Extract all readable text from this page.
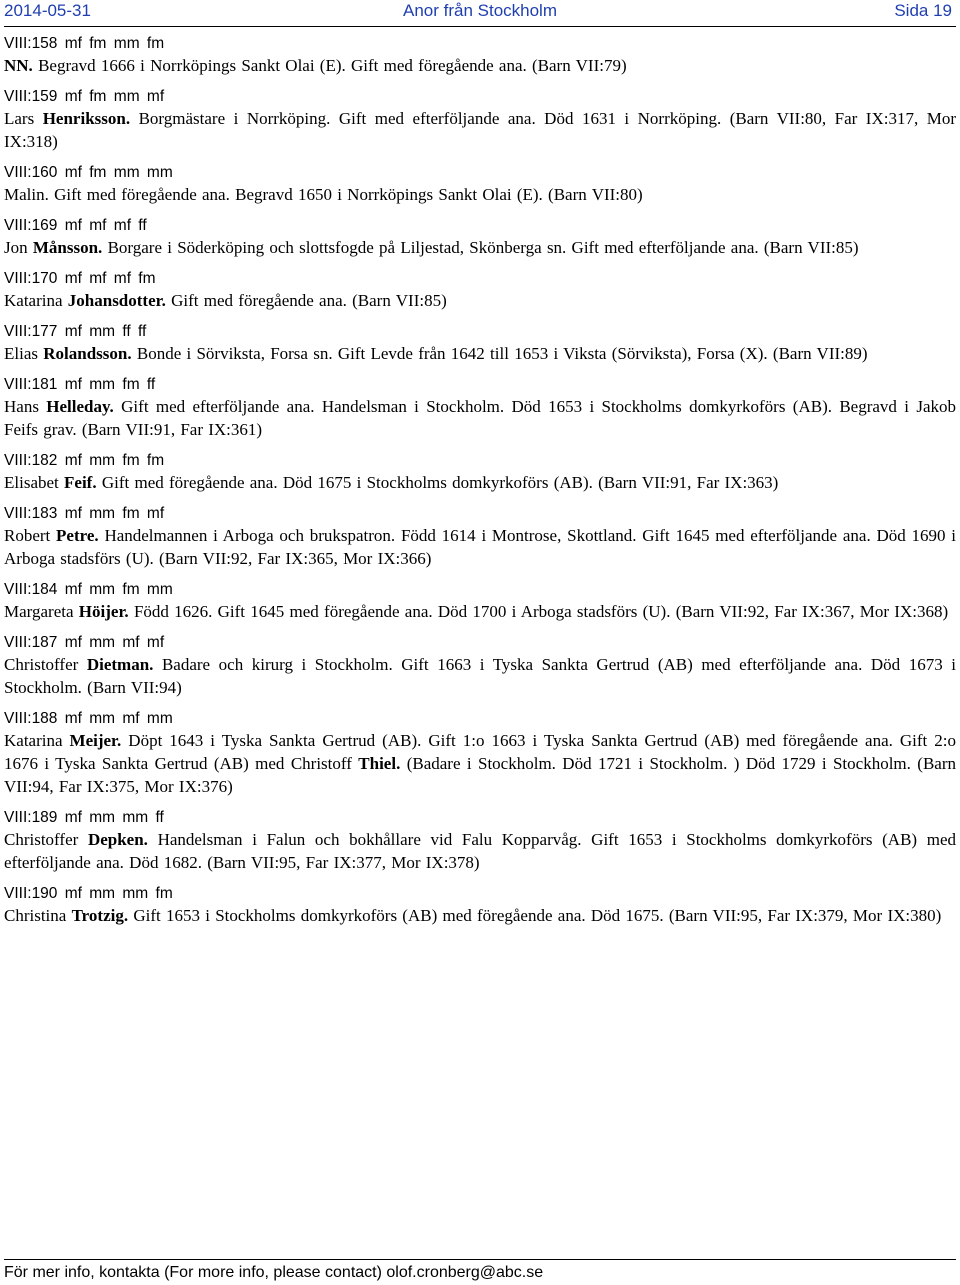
2014-05-31	Anor från Stockholm	Sida 19
VIII:158 mf fm mm fm
NN. Begravd 1666 i Norrköpings Sankt Olai (E). Gift med föregående ana. (Barn VII:79)
VIII:159 mf fm mm mf
Lars Henriksson. Borgmästare i Norrköping. Gift med efterföljande ana. Död 1631 i Norrköping. (Barn VII:80, Far IX:317, Mor IX:318)
VIII:160 mf fm mm mm
Malin. Gift med föregående ana. Begravd 1650 i Norrköpings Sankt Olai (E). (Barn VII:80)
VIII:169 mf mf mf ff
Jon Månsson. Borgare i Söderköping och slottsfogde på Liljestad, Skönberga sn. Gift med efterföljande ana. (Barn VII:85)
VIII:170 mf mf mf fm
Katarina Johansdotter. Gift med föregående ana. (Barn VII:85)
VIII:177 mf mm ff ff
Elias Rolandsson. Bonde i Sörviksta, Forsa sn. Gift Levde från 1642 till 1653 i Viksta (Sörviksta), Forsa (X). (Barn VII:89)
VIII:181 mf mm fm ff
Hans Helleday. Gift med efterföljande ana. Handelsman i Stockholm. Död 1653 i Stockholms domkyrkoförs (AB). Begravd i Jakob Feifs grav. (Barn VII:91, Far IX:361)
VIII:182 mf mm fm fm
Elisabet Feif. Gift med föregående ana. Död 1675 i Stockholms domkyrkoförs (AB). (Barn VII:91, Far IX:363)
VIII:183 mf mm fm mf
Robert Petre. Handelmannen i Arboga och brukspatron. Född 1614 i Montrose, Skottland. Gift 1645 med efterföljande ana. Död 1690 i Arboga stadsförs (U). (Barn VII:92, Far IX:365, Mor IX:366)
VIII:184 mf mm fm mm
Margareta Höijer. Född 1626. Gift 1645 med föregående ana. Död 1700 i Arboga stadsförs (U). (Barn VII:92, Far IX:367, Mor IX:368)
VIII:187 mf mm mf mf
Christoffer Dietman. Badare och kirurg i Stockholm. Gift 1663 i Tyska Sankta Gertrud (AB) med efterföljande ana. Död 1673 i Stockholm. (Barn VII:94)
VIII:188 mf mm mf mm
Katarina Meijer. Döpt 1643 i Tyska Sankta Gertrud (AB). Gift 1:o 1663 i Tyska Sankta Gertrud (AB) med föregående ana. Gift 2:o 1676 i Tyska Sankta Gertrud (AB) med Christoff Thiel. (Badare i Stockholm. Död 1721 i Stockholm. ) Död 1729 i Stockholm. (Barn VII:94, Far IX:375, Mor IX:376)
VIII:189 mf mm mm ff
Christoffer Depken. Handelsman i Falun och bokhållare vid Falu Kopparvåg. Gift 1653 i Stockholms domkyrkoförs (AB) med efterföljande ana. Död 1682. (Barn VII:95, Far IX:377, Mor IX:378)
VIII:190 mf mm mm fm
Christina Trotzig. Gift 1653 i Stockholms domkyrkoförs (AB) med föregående ana. Död 1675. (Barn VII:95, Far IX:379, Mor IX:380)
För mer info, kontakta (For more info, please contact) olof.cronberg@abc.se
